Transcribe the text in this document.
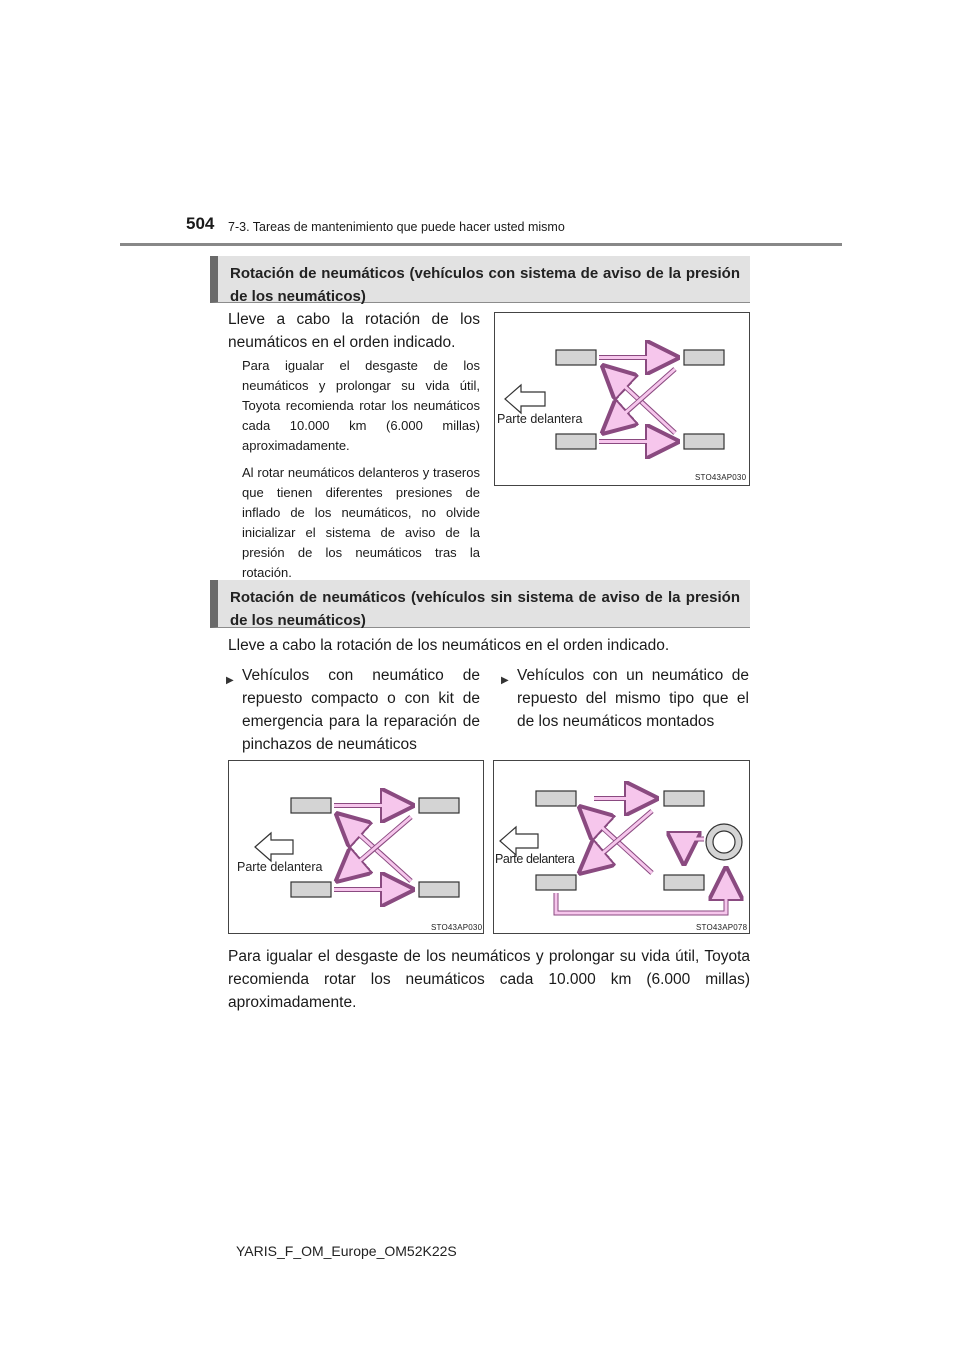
504 7-3. Tareas de mantenimiento que puede hacer usted mismo
Rotación de neumáticos (vehículos con sistema de aviso de la presión de los neumáticos)
Lleve a cabo la rotación de los neumáticos en el orden indicado.

Para igualar el desgaste de los neumáticos y prolongar su vida útil, Toyota recomienda rotar los neumáticos cada 10.000 km (6.000 millas) aproximadamente.

Al rotar neumáticos delanteros y traseros que tienen diferentes presiones de inflado de los neumáticos, no olvide inicializar el sistema de aviso de la presión de los neumáticos tras la rotación.

Parte delantera
STO43AP030
Rotación de neumáticos (vehículos sin sistema de aviso de la presión de los neumáticos)
Lleve a cabo la rotación de los neumáticos en el orden indicado.
▶ Vehículos con neumático de repuesto compacto o con kit de emergencia para la reparación de pinchazos de neumáticos
▶ Vehículos con un neumático de repuesto del mismo tipo que el de los neumáticos montados
Parte delantera
STO43AP030
Parte delantera
STO43AP078
Para igualar el desgaste de los neumáticos y prolongar su vida útil, Toyota recomienda rotar los neumáticos cada 10.000 km (6.000 millas) aproximadamente.
YARIS_F_OM_Europe_OM52K22S
